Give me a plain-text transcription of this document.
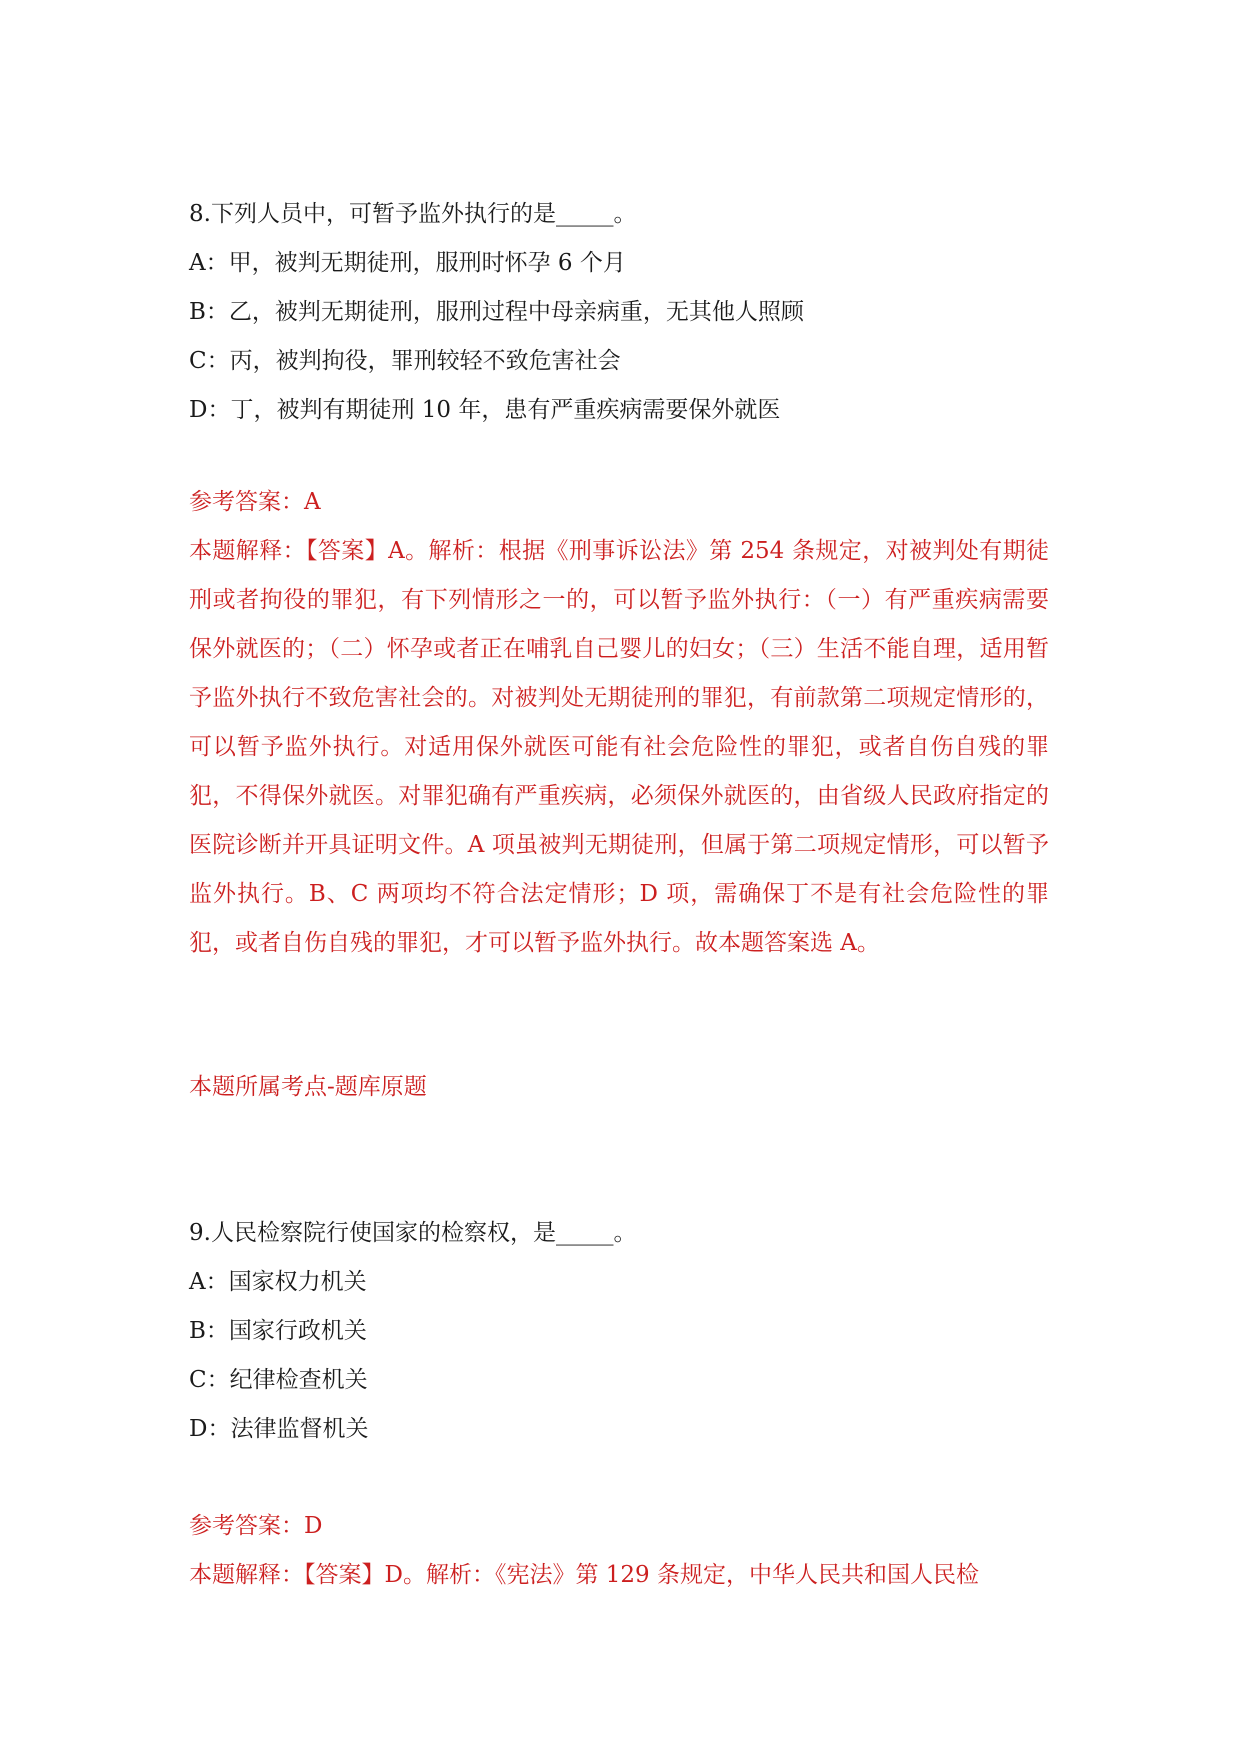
8.下列人员中，可暂予监外执行的是_____。

A：甲，被判无期徒刑，服刑时怀孕 6 个月

B：乙，被判无期徒刑，服刑过程中母亲病重，无其他人照顾

C：丙，被判拘役，罪刑较轻不致危害社会

D：丁，被判有期徒刑 10 年，患有严重疾病需要保外就医

参考答案：A

本题解释：【答案】A。解析：根据《刑事诉讼法》第 254 条规定，对被判处有期徒刑或者拘役的罪犯，有下列情形之一的，可以暂予监外执行：（一）有严重疾病需要保外就医的；（二）怀孕或者正在哺乳自己婴儿的妇女；（三）生活不能自理，适用暂予监外执行不致危害社会的。对被判处无期徒刑的罪犯，有前款第二项规定情形的，可以暂予监外执行。对适用保外就医可能有社会危险性的罪犯，或者自伤自残的罪犯，不得保外就医。对罪犯确有严重疾病，必须保外就医的，由省级人民政府指定的医院诊断并开具证明文件。A 项虽被判无期徒刑，但属于第二项规定情形，可以暂予监外执行。B、C 两项均不符合法定情形；D 项，需确保丁不是有社会危险性的罪犯，或者自伤自残的罪犯，才可以暂予监外执行。故本题答案选 A。

本题所属考点-题库原题

9.人民检察院行使国家的检察权，是_____。

A：国家权力机关

B：国家行政机关

C：纪律检查机关

D：法律监督机关

参考答案：D

本题解释：【答案】D。解析：《宪法》第 129 条规定，中华人民共和国人民检
